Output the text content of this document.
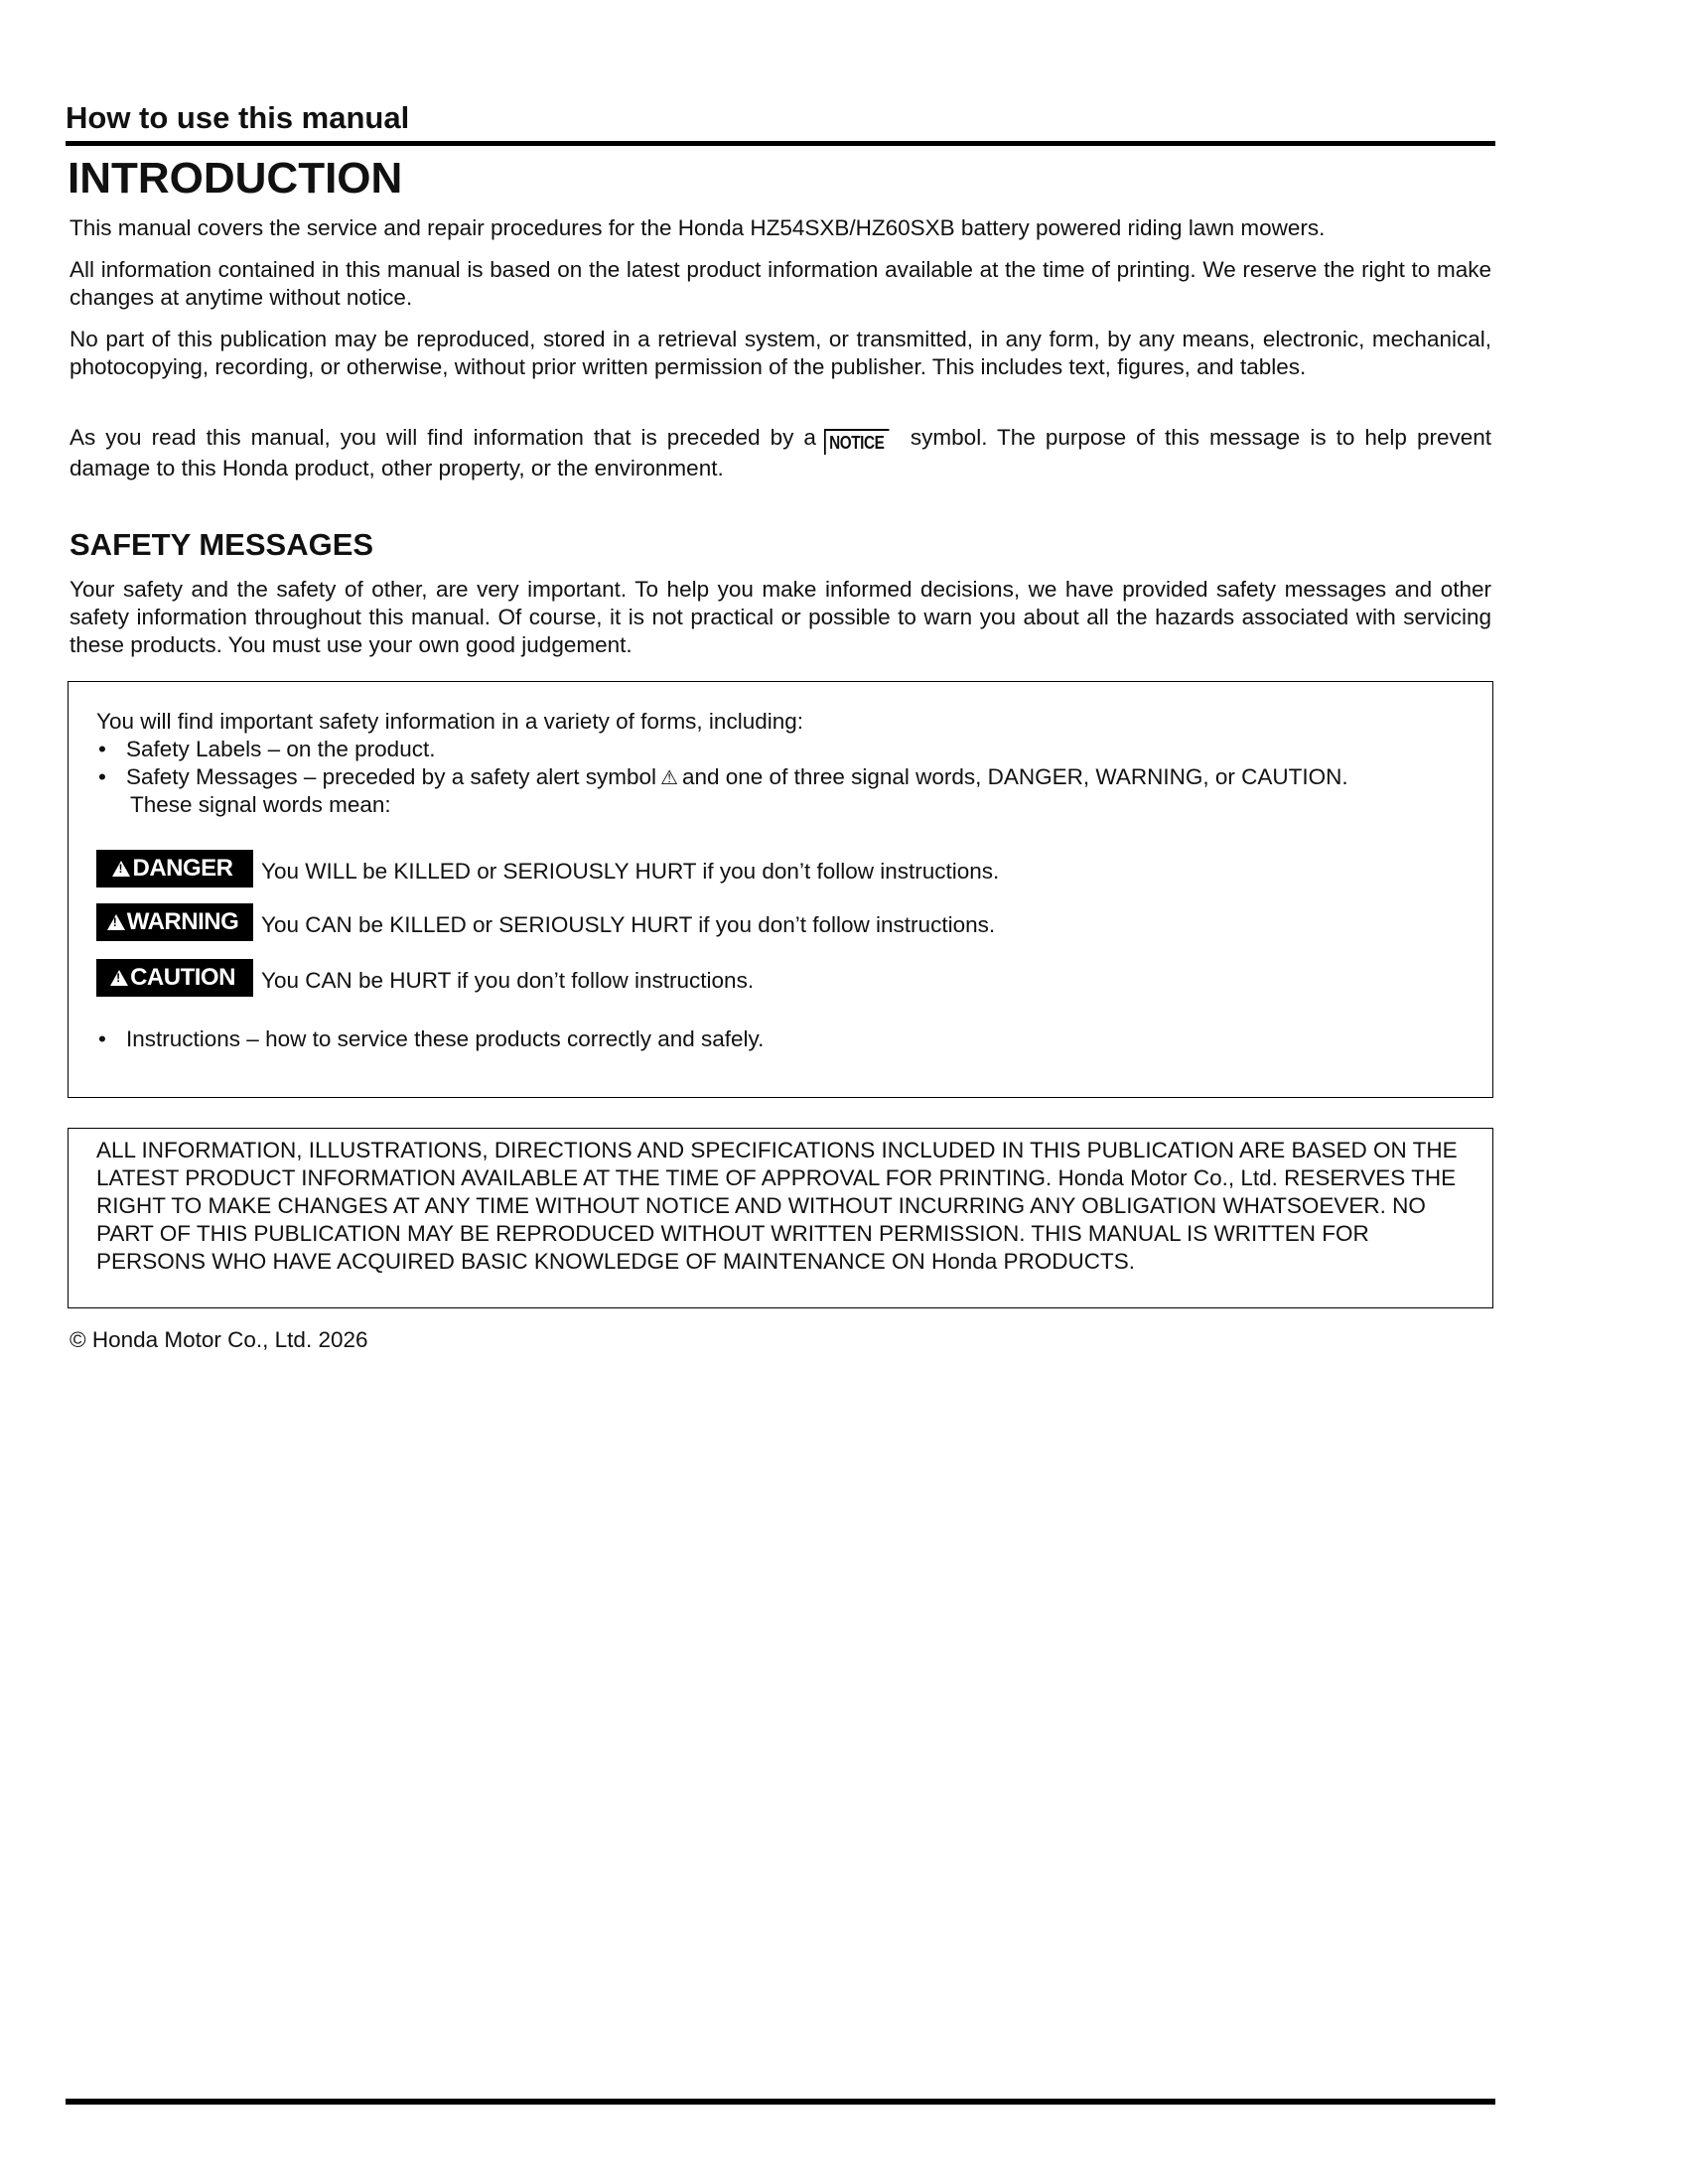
How to use this manual
INTRODUCTION

This manual covers the service and repair procedures for the Honda HZ54SXB/HZ60SXB battery powered riding lawn mowers.

All information contained in this manual is based on the latest product information available at the time of printing. We reserve the right to make changes at anytime without notice.

No part of this publication may be reproduced, stored in a retrieval system, or transmitted, in any form, by any means, electronic, mechanical, photocopying, recording, or otherwise, without prior written permission of the publisher. This includes text, figures, and tables.

As you read this manual, you will find information that is preceded by a NOTICE symbol. The purpose of this message is to help prevent damage to this Honda product, other property, or the environment.

SAFETY MESSAGES

Your safety and the safety of other, are very important. To help you make informed decisions, we have provided safety messages and other safety information throughout this manual. Of course, it is not practical or possible to warn you about all the hazards associated with servicing these products. You must use your own good judgement.

You will find important safety information in a variety of forms, including:
• Safety Labels – on the product.
• Safety Messages – preceded by a safety alert symbol ⚠ and one of three signal words, DANGER, WARNING, or CAUTION.
These signal words mean:
!
DANGER You WILL be KILLED or SERIOUSLY HURT if you don’t follow instructions.
!
WARNING You CAN be KILLED or SERIOUSLY HURT if you don’t follow instructions.
!
CAUTION You CAN be HURT if you don’t follow instructions.
• Instructions – how to service these products correctly and safely.

ALL INFORMATION, ILLUSTRATIONS, DIRECTIONS AND SPECIFICATIONS INCLUDED IN THIS PUBLICATION ARE BASED ON THE LATEST PRODUCT INFORMATION AVAILABLE AT THE TIME OF APPROVAL FOR PRINTING. Honda Motor Co., Ltd. RESERVES THE RIGHT TO MAKE CHANGES AT ANY TIME WITHOUT NOTICE AND WITHOUT INCURRING ANY OBLIGATION WHATSOEVER. NO PART OF THIS PUBLICATION MAY BE REPRODUCED WITHOUT WRITTEN PERMISSION. THIS MANUAL IS WRITTEN FOR PERSONS WHO HAVE ACQUIRED BASIC KNOWLEDGE OF MAINTENANCE ON Honda PRODUCTS.

© Honda Motor Co., Ltd. 2026
